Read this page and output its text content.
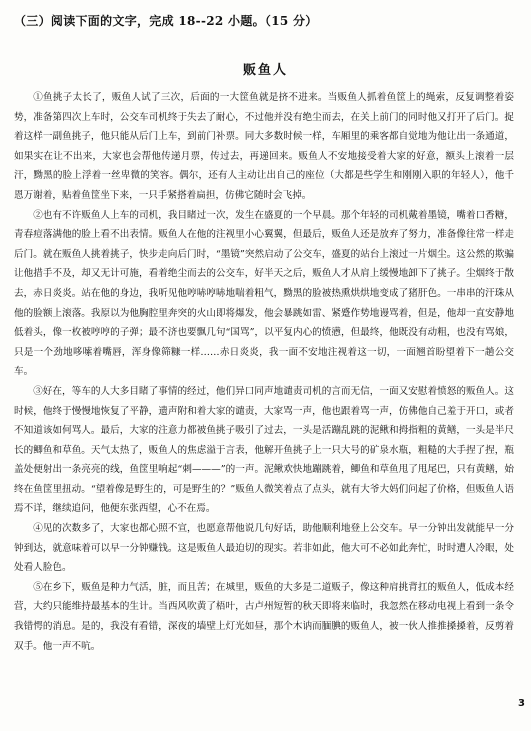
（三）阅读下面的文字，完成 18--22 小题。（15 分）
贩鱼人

①鱼挑子太长了，贩鱼人试了三次，后面的一大筐鱼就是挤不进来。当贩鱼人抓着鱼筐上的绳索，反复调整着姿势，准备第四次上车时，公交车司机终于失去了耐心，不过他并没有绝尘而去，在关上前门的同时他又打开了后门。捉着这样一副鱼挑子，他只能从后门上车，到前门补票。同大多数时候一样，车厢里的乘客都自觉地为他让出一条通道，如果实在让不出来，大家也会帮他传递月票，传过去，再递回来。贩鱼人不安地接受着大家的好意，额头上滚着一层汗，黝黑的脸上浮着一丝卑微的笑容。偶尔，还有人主动让出自己的座位（大都是些学生和刚刚入职的年轻人），他千恩万谢着，贴着鱼筐坐下来，一只手紧搭着扁担，仿佛它随时会飞掉。

②也有不许贩鱼人上车的司机，我目睹过一次，发生在盛夏的一个早晨。那个年轻的司机戴着墨镜，嘴着口香糖，青春痘落满他的脸上看不出表情。贩鱼人在他的注视里小心翼翼，但最后，贩鱼人还是放弃了努力，准备像往常一样走后门。就在贩鱼人挑着挑子，快步走向后门时，“墨镜”突然启动了公交车，盛夏的站台上滚过一片烟尘。这公然的欺骗让他措手不及，却又无计可施，看着绝尘而去的公交车，好半天之后，贩鱼人才从肩上缓慢地卸下了挑子。尘烟终于散去，赤日炎炎。站在他的身边，我听见他哼哧哼哧地喘着粗气，黝黑的脸被热熏烘烘地变成了猪肝色。一串串的汗珠从他的脸额上滚落。我原以为他胸腔里奔突的火山即将爆发，他会暴跳如雷、紧蹙作势地谩骂着，但是，他却一直安静地低着头，像一枚被哼哼的子弹；最不济也要飘几句“国骂”，以平复内心的愤懑，但最终，他既没有动粗，也没有骂娘，只是一个劲地哆嗦着嘴唇，浑身像筛糠一样……赤日炎炎，我一面不安地注视着这一切，一面翘首盼望着下一趟公交车。

③好在，等车的人大多目睹了事情的经过，他们异口同声地谴责司机的言而无信，一面又安慰着愤怒的贩鱼人。这时候，他终于慢慢地恢复了平静，遗声附和着大家的谴责，大家骂一声，他也跟着骂一声，仿佛他自己羞于开口，或者不知道该如何骂人。最后，大家的注意力都被鱼挑子吸引了过去，一头是活蹦乱跳的泥鳅和拇指粗的黄鳝，一头是半尺长的鲫鱼和草鱼。天气太热了，贩鱼人的焦虑溢于言表，他解开鱼挑子上一只大号的矿泉水瓶，粗糙的大手捏了捏，瓶盖处便射出一条亮亮的线，鱼筐里响起“刺———”的一声。泥鳅欢快地蹦跳着，鲫鱼和草鱼甩了甩尾巴，只有黄鳝，始终在鱼筐里扭动。“望着像是野生的，可是野生的？”贩鱼人微笑着点了点头，就有大爷大妈们问起了价格，但贩鱼人语焉不详，继续追问，他便东张西望，心不在焉。

④见的次数多了，大家也都心照不宣，也愿意帮他说几句好话，助他顺利地登上公交车。早一分钟出发就能早一分钟到达，就意味着可以早一分钟赚钱。这是贩鱼人最迫切的现实。若非如此，他大可不必如此奔忙，时时遭人冷眼，处处看人脸色。

⑤在乡下，贩鱼是种力气活，脏，而且苦；在城里，贩鱼的大多是二道贩子，像这种肩挑背扛的贩鱼人，低成本经营，大约只能维持最基本的生计。当西风吹黄了梧叶，古卢州短暂的秋天即将来临时，我忽然在移动电视上看到一条令我错愕的消息。是的，我没有看错，深夜的墙壁上灯光如昼，那个木讷而腼腆的贩鱼人，被一伙人推推搡搡着，反剪着双手。他一声不吭。

3
